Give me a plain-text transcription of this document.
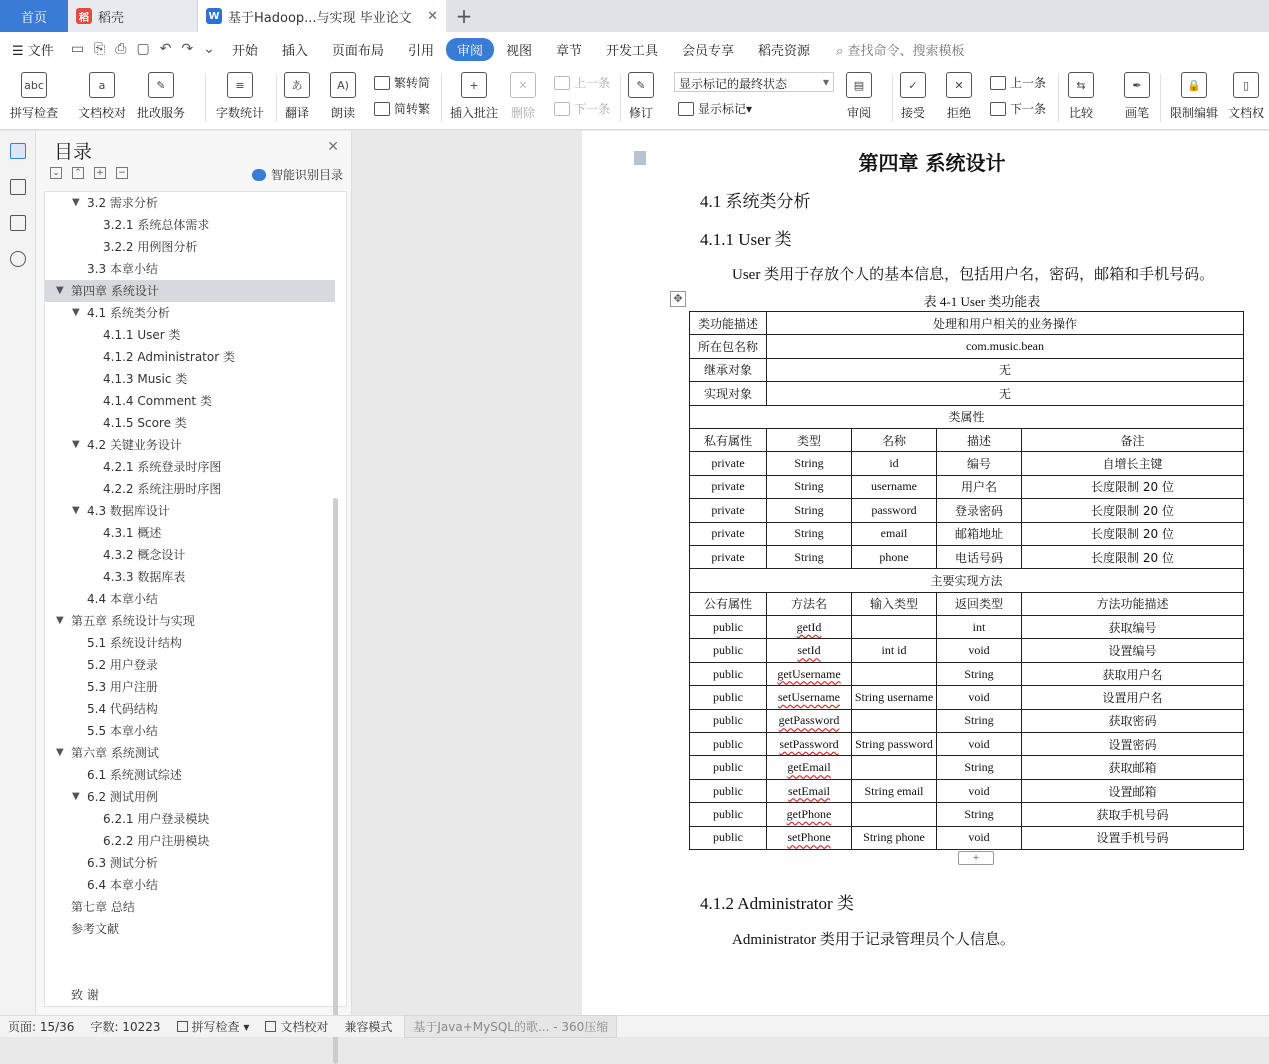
首页	稻 稻壳	W 基于Hadoop...与实现 毕业论文	✕ +
☰ 文件	▭ ⎘ ⎙ ▢ ↶ ↷ ⌄	开始	插入	页面布局	引用	审阅	视图	章节	开发工具	会员专享	稻壳资源	⌕ 查找命令、搜索模板
abc
拼写检查
a
文档校对
✎
批改服务
≡
字数统计
あ
翻译
A)
朗读
繁转简
简转繁
+
插入批注
✕
删除
上一条
下一条
✎
修订	显示标记 ▾
▤
审阅
✓
接受
✕
拒绝
上一条
下一条
⇆
比较
✒
画笔
🔒
限制编辑
▯
文档权
显示标记的最终状态	▾
目录	✕
⌄ ⌃ + −	智能识别目录
▼ 3.2 需求分析
3.2.1 系统总体需求
3.2.2 用例图分析
3.3 本章小结
▼ 第四章 系统设计
▼ 4.1 系统类分析
4.1.1 User 类
4.1.2 Administrator 类
4.1.3 Music 类
4.1.4 Comment 类
4.1.5 Score 类
▼ 4.2 关键业务设计
4.2.1 系统登录时序图
4.2.2 系统注册时序图
▼ 4.3 数据库设计
4.3.1 概述
4.3.2 概念设计
4.3.3 数据库表
4.4 本章小结
▼ 第五章 系统设计与实现
5.1 系统设计结构
5.2 用户登录
5.3 用户注册
5.4 代码结构
5.5 本章小结
▼ 第六章 系统测试
6.1 系统测试综述
▼ 6.2 测试用例
6.2.1 用户登录模块
6.2.2 用户注册模块
6.3 测试分析
6.4 本章小结
第七章 总结
参考文献
致 谢
第四章 系统设计
4.1 系统类分析
4.1.1 User 类
User 类用于存放个人的基本信息，包括用户名，密码，邮箱和手机号码。
✥	表 4-1 User 类功能表
类功能描述	处理和用户相关的业务操作			
所在包名称	com.music.bean			
继承对象	无			
实现对象	无			
类属性				
私有属性	类型	名称	描述	备注
private	String	id	编号	自增长主键
private	String	username	用户名	长度限制 20 位
private	String	password	登录密码	长度限制 20 位
private	String	email	邮箱地址	长度限制 20 位
private	String	phone	电话号码	长度限制 20 位
主要实现方法				
公有属性	方法名	输入类型	返回类型	方法功能描述
public	getId		int	获取编号
public	setId	int id	void	设置编号
public	getUsername		String	获取用户名
public	setUsername	String username	void	设置用户名
public	getPassword		String	获取密码
public	setPassword	String password	void	设置密码
public	getEmail		String	获取邮箱
public	setEmail	String email	void	设置邮箱
public	getPhone		String	获取手机号码
public	setPhone	String phone	void	设置手机号码
+
4.1.2 Administrator 类
Administrator 类用于记录管理员个人信息。
页面: 15/36	字数: 10223	拼写检查 ▾	文档校对	兼容模式	基于Java+MySQL的歌... - 360压缩
